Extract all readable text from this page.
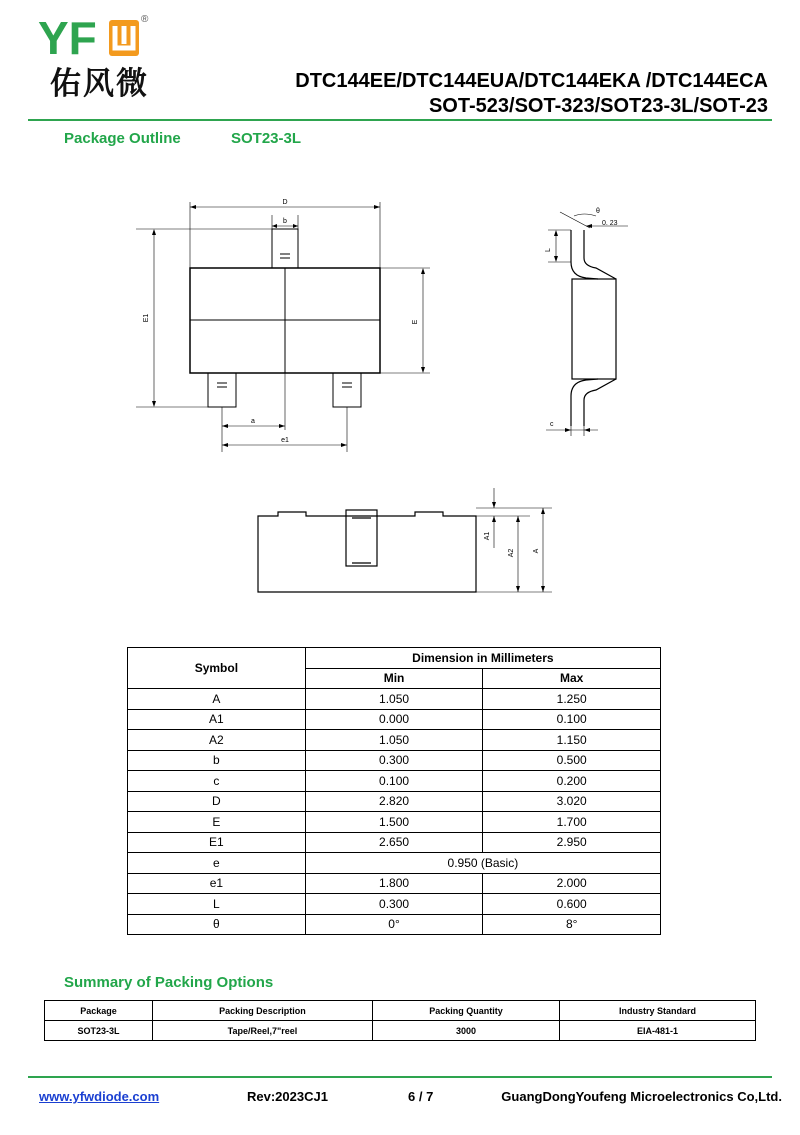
YF	®
佑风微	DTC144EE/DTC144EUA/DTC144EKA /DTC144ECA
SOT-523/SOT-323/SOT23-3L/SOT-23
Package Outline	SOT23-3L
D
b
E1	E
a
e1
θ
0. 23
L
c
A1
A2	A
Symbol	Dimension in Millimeters	
	Min	Max
A	1.050	1.250
A1	0.000	0.100
A2	1.050	1.150
b	0.300	0.500
c	0.100	0.200
D	2.820	3.020
E	1.500	1.700
E1	2.650	2.950
e	0.950 (Basic)	
e1	1.800	2.000
L	0.300	0.600
θ	0°	8°
Summary of Packing Options
Package	Packing Description	Packing Quantity	Industry Standard
SOT23-3L	Tape/Reel,7"reel	3000	EIA-481-1
www.yfwdiode.com	Rev:2023CJ1	6 / 7	GuangDongYoufeng Microelectronics Co,Ltd.
